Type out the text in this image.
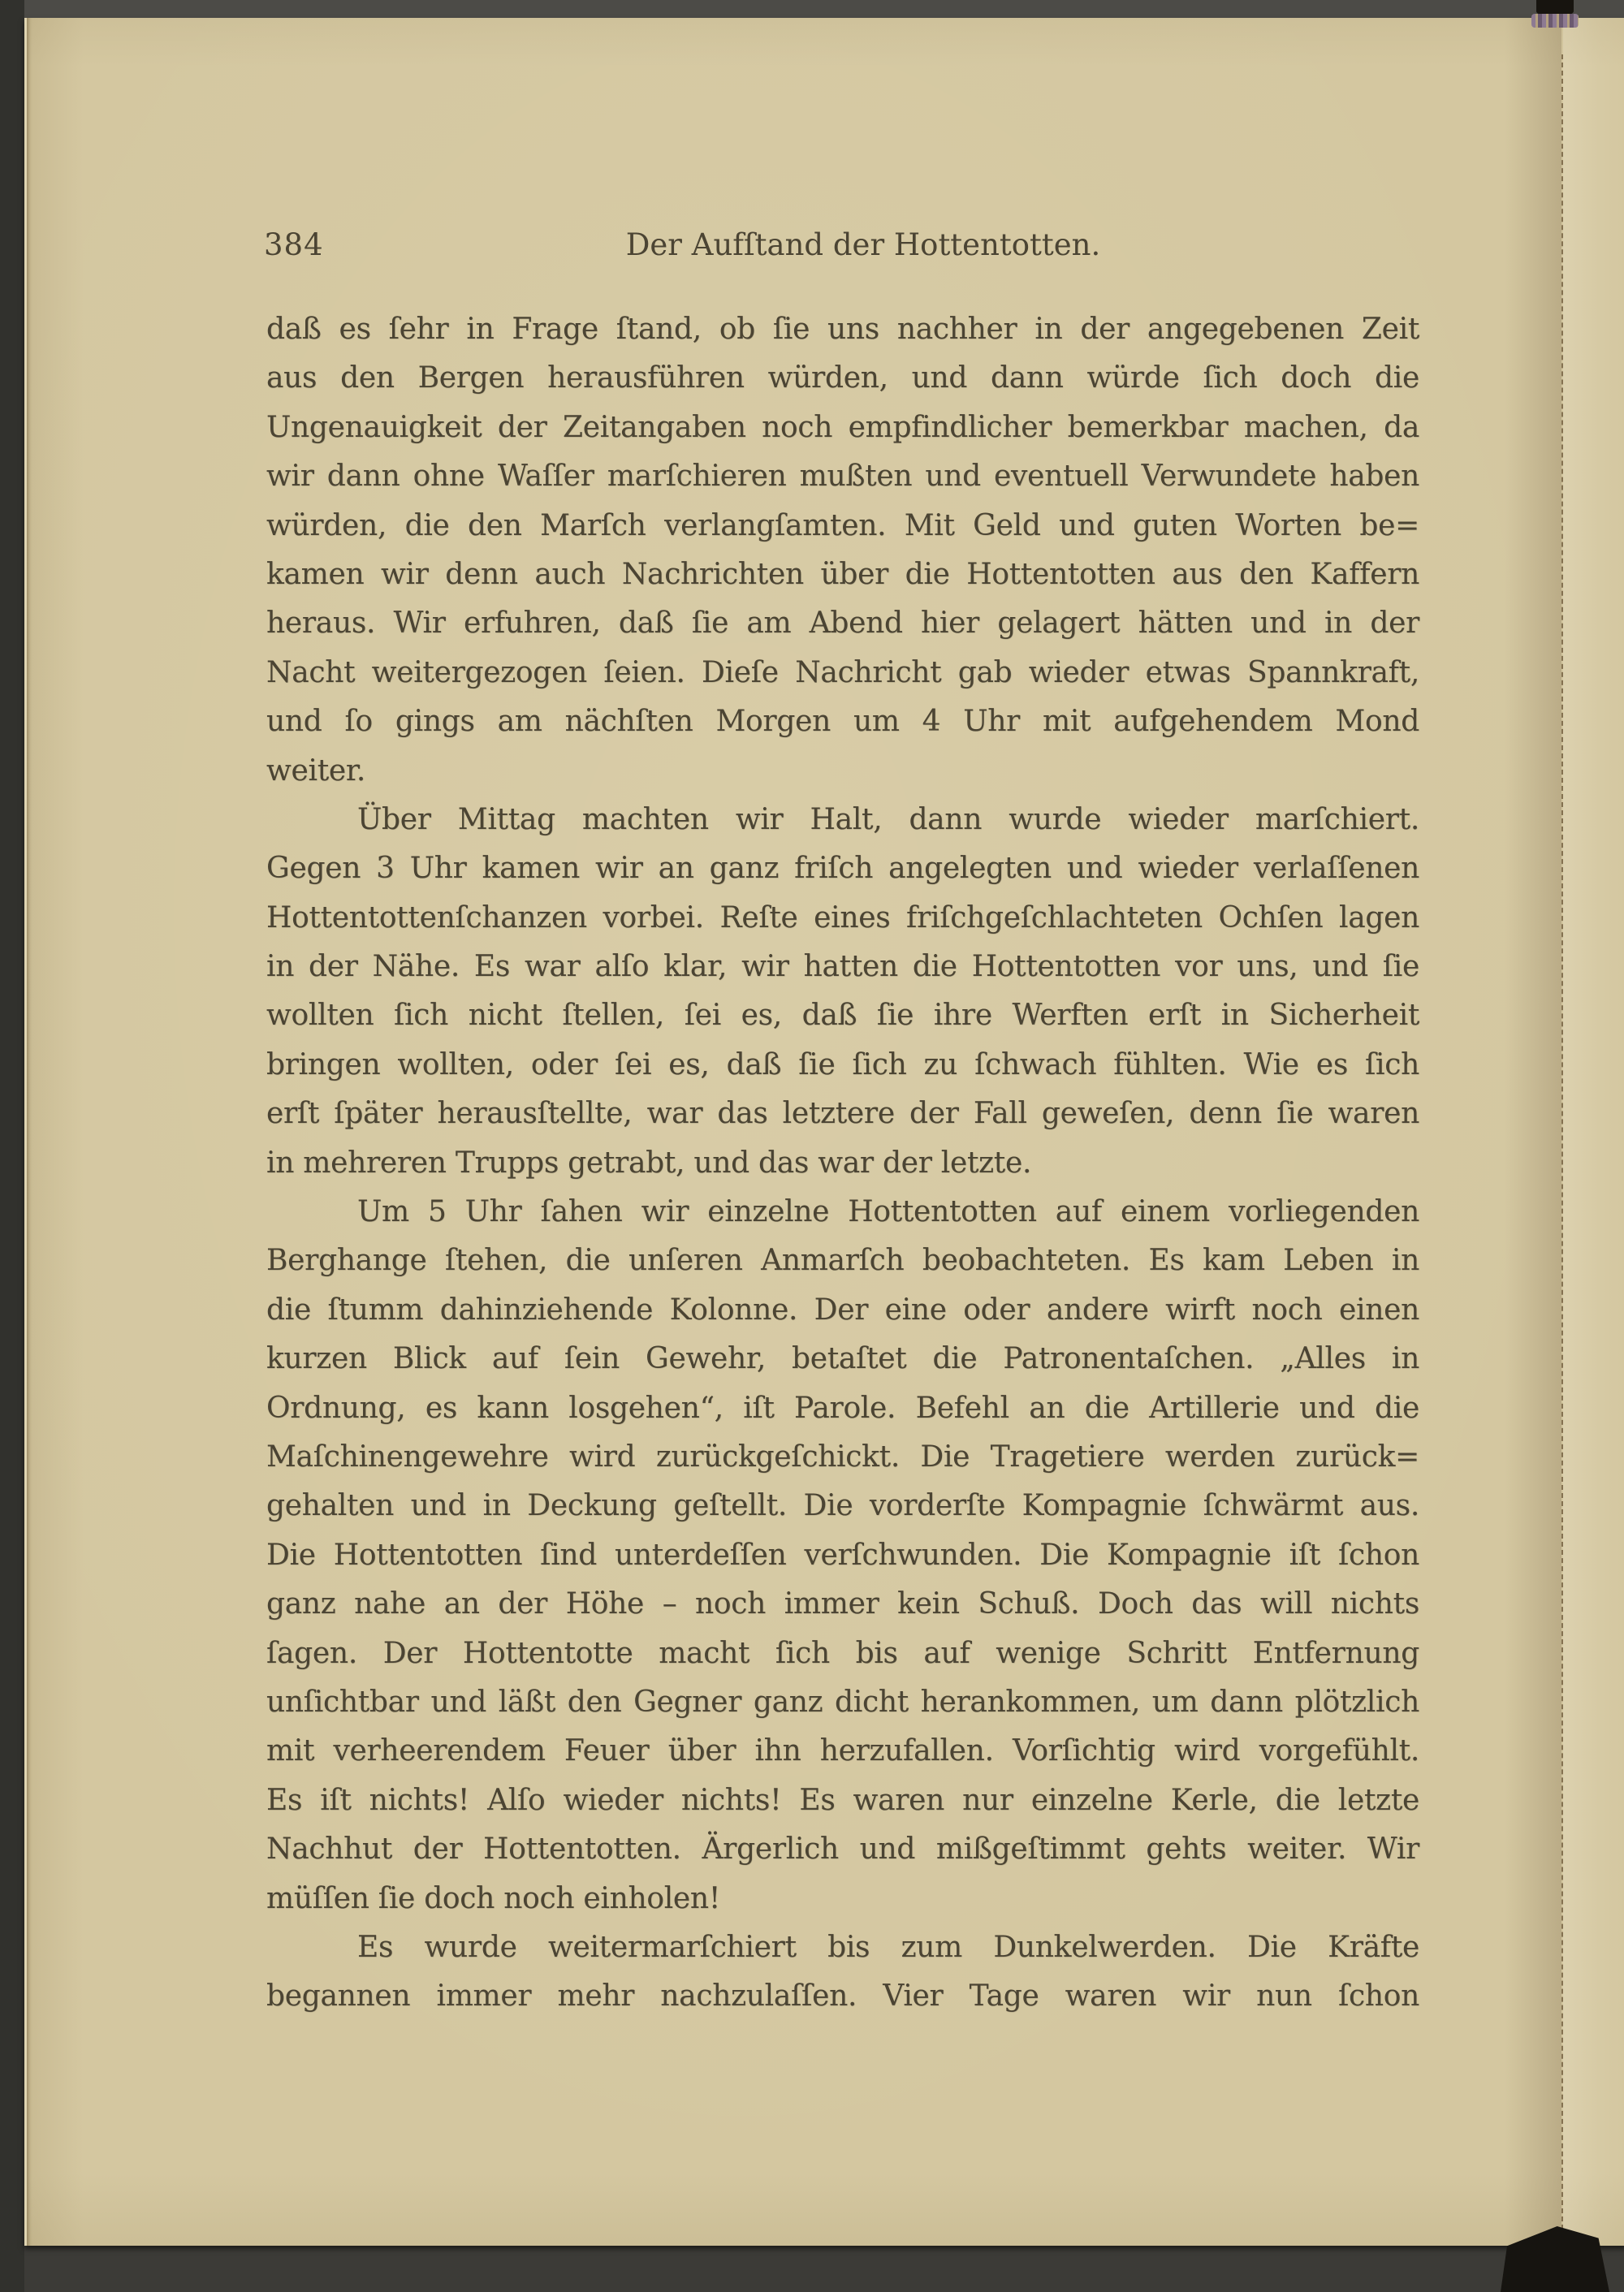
384	Der Aufſtand der Hottentotten.
daß es ſehr in Frage ſtand, ob ſie uns nachher in der angegebenen Zeit
aus den Bergen herausführen würden, und dann würde ſich doch die
Ungenauigkeit der Zeitangaben noch empfindlicher bemerkbar machen, da
wir dann ohne Waſſer marſchieren mußten und eventuell Verwundete haben
würden, die den Marſch verlangſamten. Mit Geld und guten Worten be=
kamen wir denn auch Nachrichten über die Hottentotten aus den Kaffern
heraus. Wir erfuhren, daß ſie am Abend hier gelagert hätten und in der
Nacht weitergezogen ſeien. Dieſe Nachricht gab wieder etwas Spannkraft,
und ſo gings am nächſten Morgen um 4 Uhr mit aufgehendem Mond
weiter.
Über Mittag machten wir Halt, dann wurde wieder marſchiert.
Gegen 3 Uhr kamen wir an ganz friſch angelegten und wieder verlaſſenen
Hottentottenſchanzen vorbei. Reſte eines friſchgeſchlachteten Ochſen lagen
in der Nähe. Es war alſo klar, wir hatten die Hottentotten vor uns, und ſie
wollten ſich nicht ſtellen, ſei es, daß ſie ihre Werften erſt in Sicherheit
bringen wollten, oder ſei es, daß ſie ſich zu ſchwach fühlten. Wie es ſich
erſt ſpäter herausſtellte, war das letztere der Fall geweſen, denn ſie waren
in mehreren Trupps getrabt, und das war der letzte.
Um 5 Uhr ſahen wir einzelne Hottentotten auf einem vorliegenden
Berghange ſtehen, die unſeren Anmarſch beobachteten. Es kam Leben in
die ſtumm dahinziehende Kolonne. Der eine oder andere wirft noch einen
kurzen Blick auf ſein Gewehr, betaſtet die Patronentaſchen. „Alles in
Ordnung, es kann losgehen“, iſt Parole. Befehl an die Artillerie und die
Maſchinengewehre wird zurückgeſchickt. Die Tragetiere werden zurück=
gehalten und in Deckung geſtellt. Die vorderſte Kompagnie ſchwärmt aus.
Die Hottentotten ſind unterdeſſen verſchwunden. Die Kompagnie iſt ſchon
ganz nahe an der Höhe – noch immer kein Schuß. Doch das will nichts
ſagen. Der Hottentotte macht ſich bis auf wenige Schritt Entfernung
unſichtbar und läßt den Gegner ganz dicht herankommen, um dann plötzlich
mit verheerendem Feuer über ihn herzufallen. Vorſichtig wird vorgefühlt.
Es iſt nichts! Alſo wieder nichts! Es waren nur einzelne Kerle, die letzte
Nachhut der Hottentotten. Ärgerlich und mißgeſtimmt gehts weiter. Wir
müſſen ſie doch noch einholen!
Es wurde weitermarſchiert bis zum Dunkelwerden. Die Kräfte
begannen immer mehr nachzulaſſen. Vier Tage waren wir nun ſchon
